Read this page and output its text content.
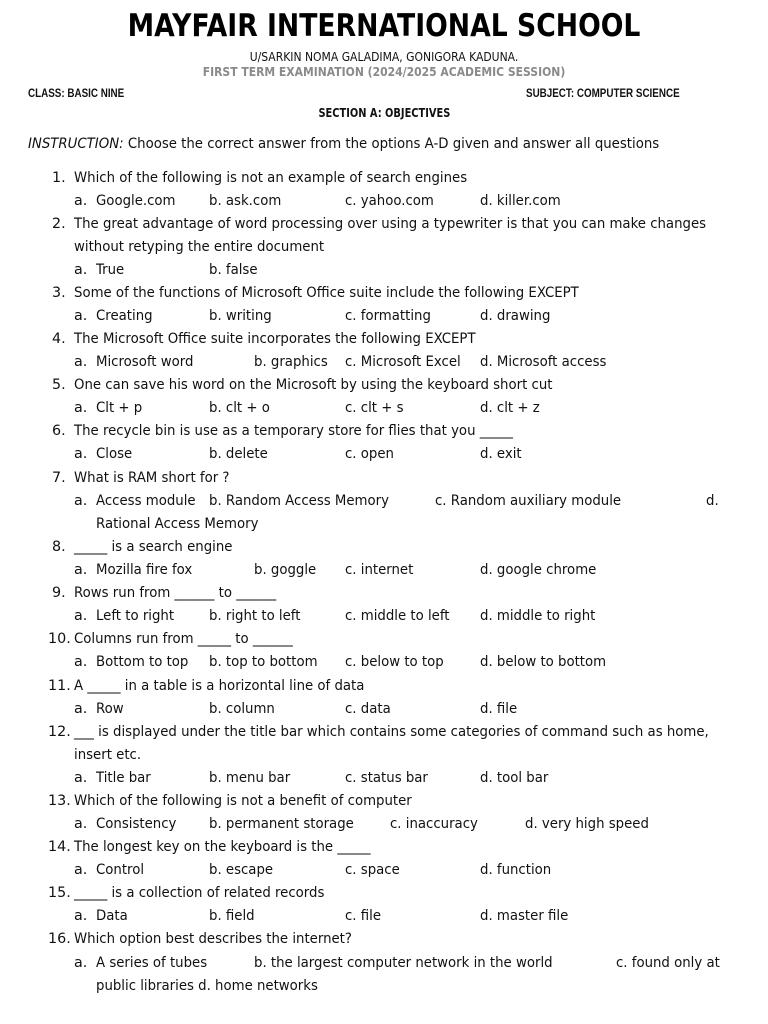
MAYFAIR INTERNATIONAL SCHOOL
U/SARKIN NOMA GALADIMA, GONIGORA KADUNA.
FIRST TERM EXAMINATION (2024/2025 ACADEMIC SESSION)
CLASS: BASIC NINE	SUBJECT: COMPUTER SCIENCE
SECTION A: OBJECTIVES
INSTRUCTION: Choose the correct answer from the options A-D given and answer all questions
1. Which of the following is not an example of search engines
a. Google.com	b. ask.com	c. yahoo.com	d. killer.com
2. The great advantage of word processing over using a typewriter is that you can make changes
without retyping the entire document
a. True	b. false
3. Some of the functions of Microsoft Office suite include the following EXCEPT
a. Creating	b. writing	c. formatting	d. drawing
4. The Microsoft Office suite incorporates the following EXCEPT
a. Microsoft word	b. graphics	c. Microsoft Excel	d. Microsoft access
5. One can save his word on the Microsoft by using the keyboard short cut
a. Clt + p	b. clt + o	c. clt + s	d. clt + z
6. The recycle bin is use as a temporary store for flies that you _____
a. Close	b. delete	c. open	d. exit
7. What is RAM short for ?
a. Access module b. Random Access Memory	c. Random auxiliary module	d.
Rational Access Memory
8. _____ is a search engine
a. Mozilla fire fox	b. goggle	c. internet	d. google chrome
9. Rows run from ______ to ______
a. Left to right	b. right to left	c. middle to left	d. middle to right
10. Columns run from _____ to ______
a. Bottom to top	b. top to bottom	c. below to top	d. below to bottom
11. A _____ in a table is a horizontal line of data
a. Row	b. column	c. data	d. file
12. ___ is displayed under the title bar which contains some categories of command such as home,
insert etc.
a. Title bar	b. menu bar	c. status bar	d. tool bar
13. Which of the following is not a benefit of computer
a. Consistency	b. permanent storage	c. inaccuracy	d. very high speed
14. The longest key on the keyboard is the _____
a. Control	b. escape	c. space	d. function
15. _____ is a collection of related records
a. Data	b. field	c. file	d. master file
16. Which option best describes the internet?
a. A series of tubes	b. the largest computer network in the world	c. found only at
public libraries d. home networks
